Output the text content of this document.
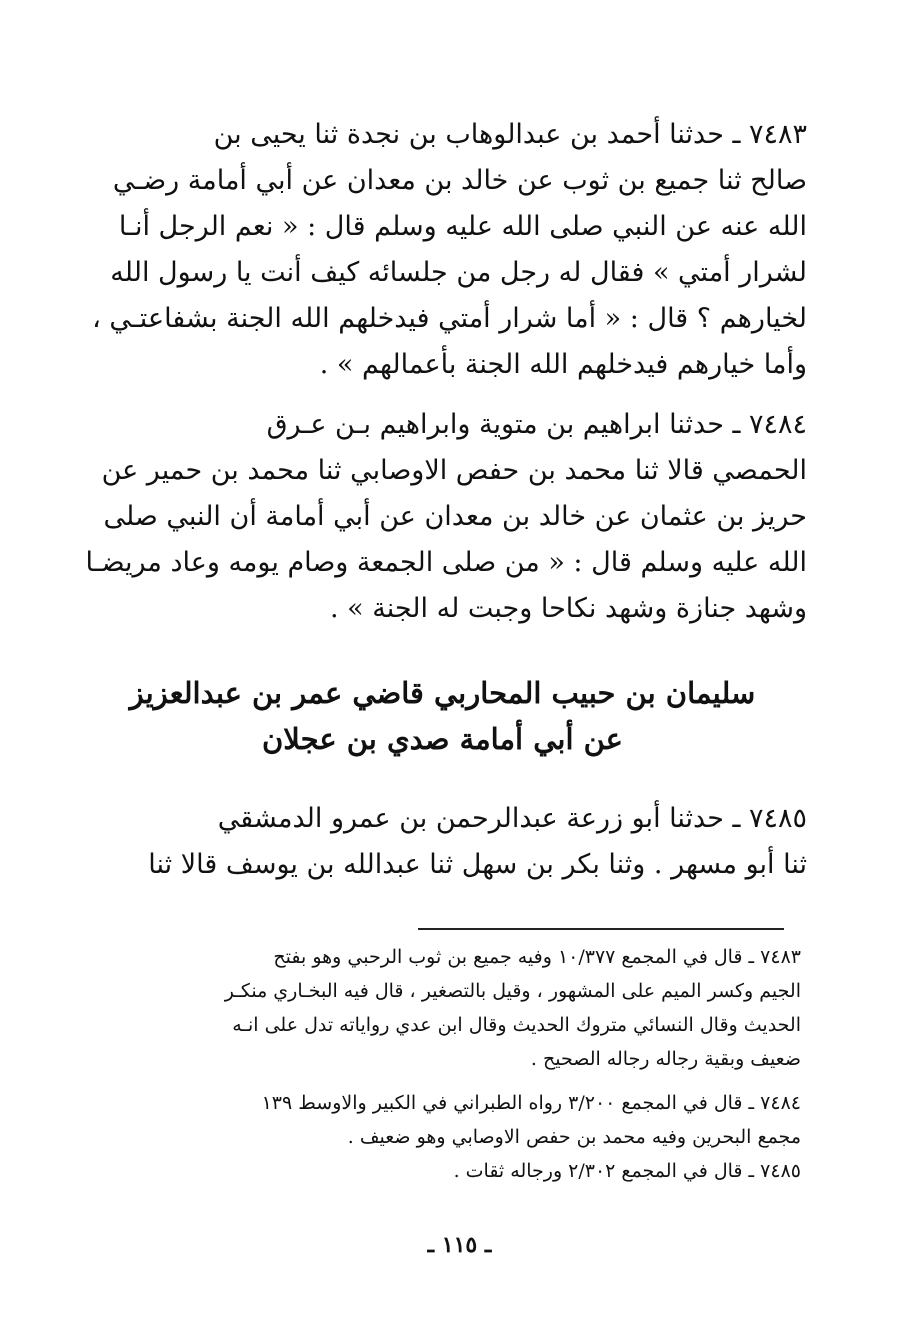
٧٤٨٣ ـ حدثنا أحمد بن عبدالوهاب بن نجدة ثنا يحيى بن

صالح ثنا جميع بن ثوب عن خالد بن معدان عن أبي أمامة رضـي

الله عنه عن النبي صلى الله عليه وسلم قال : « نعم الرجل أنـا

لشرار أمتي » فقال له رجل من جلسائه كيف أنت يا رسول الله

لخيارهم ؟ قال : « أما شرار أمتي فيدخلهم الله الجنة بشفاعتـي ،

وأما خيارهم فيدخلهم الله الجنة بأعمالهم » .

٧٤٨٤ ـ حدثنا ابراهيم بن متوية وابراهيم بـن عـرق

الحمصي قالا ثنا محمد بن حفص الاوصابي ثنا محمد بن حمير عن

حريز بن عثمان عن خالد بن معدان عن أبي أمامة أن النبي صلى

الله عليه وسلم قال : « من صلى الجمعة وصام يومه وعاد مريضـا

وشهد جنازة وشهد نكاحا وجبت له الجنة » .

سليمان بن حبيب المحاربي قاضي عمر بن عبدالعزيز
عن أبي أمامة صدي بن عجلان

٧٤٨٥ ـ حدثنا أبو زرعة عبدالرحمن بن عمرو الدمشقي

ثنا أبو مسهر . وثنا بكر بن سهل ثنا عبدالله بن يوسف قالا ثنا

٧٤٨٣ ـ قال في المجمع ١٠/٣٧٧ وفيه جميع بن ثوب الرحبي وهو بفتح

الجيم وكسر الميم على المشهور ، وقيل بالتصغير ، قال فيه البخـاري منكـر

الحديث وقال النسائي متروك الحديث وقال ابن عدي رواياته تدل على انـه

ضعيف وبقية رجاله رجاله الصحيح .

٧٤٨٤ ـ قال في المجمع ٣/٢٠٠ رواه الطبراني في الكبير والاوسط ١٣٩

مجمع البحرين وفيه محمد بن حفص الاوصابي وهو ضعيف .

٧٤٨٥ ـ قال في المجمع ٢/٣٠٢ ورجاله ثقات .

ـ ١١٥ ـ
